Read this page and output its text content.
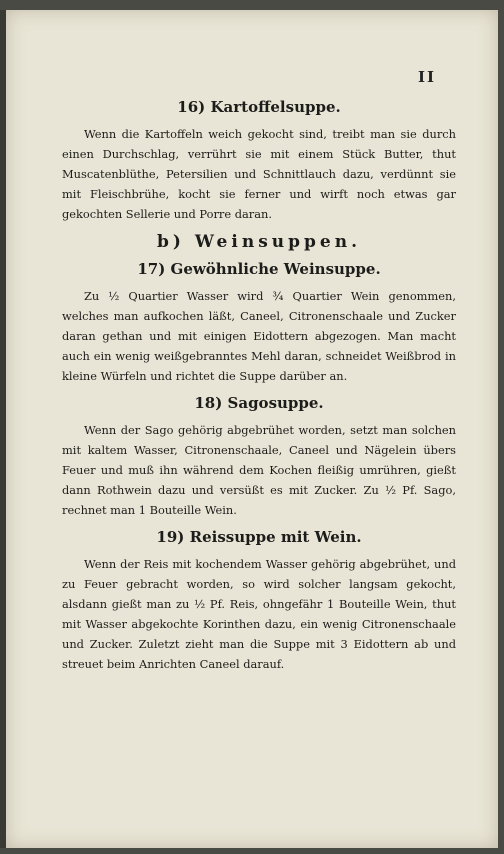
II
16) Kartoffelsuppe.

Wenn die Kartoffeln weich gekocht sind, treibt man sie durch einen Durchschlag, verrührt sie mit einem Stück Butter, thut Muscatenblüthe, Petersilien und Schnittlauch dazu, verdünnt sie mit Fleischbrühe, kocht sie ferner und wirft noch etwas gar gekochten Sellerie und Porre daran.

b) Weinsuppen.
17) Gewöhnliche Weinsuppe.

Zu ½ Quartier Wasser wird ¾ Quartier Wein genommen, welches man aufkochen läßt, Caneel, Citronenschaale und Zucker daran gethan und mit einigen Eidottern abgezogen. Man macht auch ein wenig weißgebranntes Mehl daran, schneidet Weißbrod in kleine Würfeln und richtet die Suppe darüber an.

18) Sagosuppe.

Wenn der Sago gehörig abgebrühet worden, setzt man solchen mit kaltem Wasser, Citronenschaale, Caneel und Nägelein übers Feuer und muß ihn während dem Kochen fleißig umrühren, gießt dann Rothwein dazu und versüßt es mit Zucker. Zu ½ Pf. Sago, rechnet man 1 Bouteille Wein.

19) Reissuppe mit Wein.

Wenn der Reis mit kochendem Wasser gehörig abgebrühet, und zu Feuer gebracht worden, so wird solcher langsam gekocht, alsdann gießt man zu ½ Pf. Reis, ohngefähr 1 Bouteille Wein, thut mit Wasser abgekochte Korinthen dazu, ein wenig Citronenschaale und Zucker. Zuletzt zieht man die Suppe mit 3 Eidottern ab und streuet beim Anrichten Caneel darauf.
